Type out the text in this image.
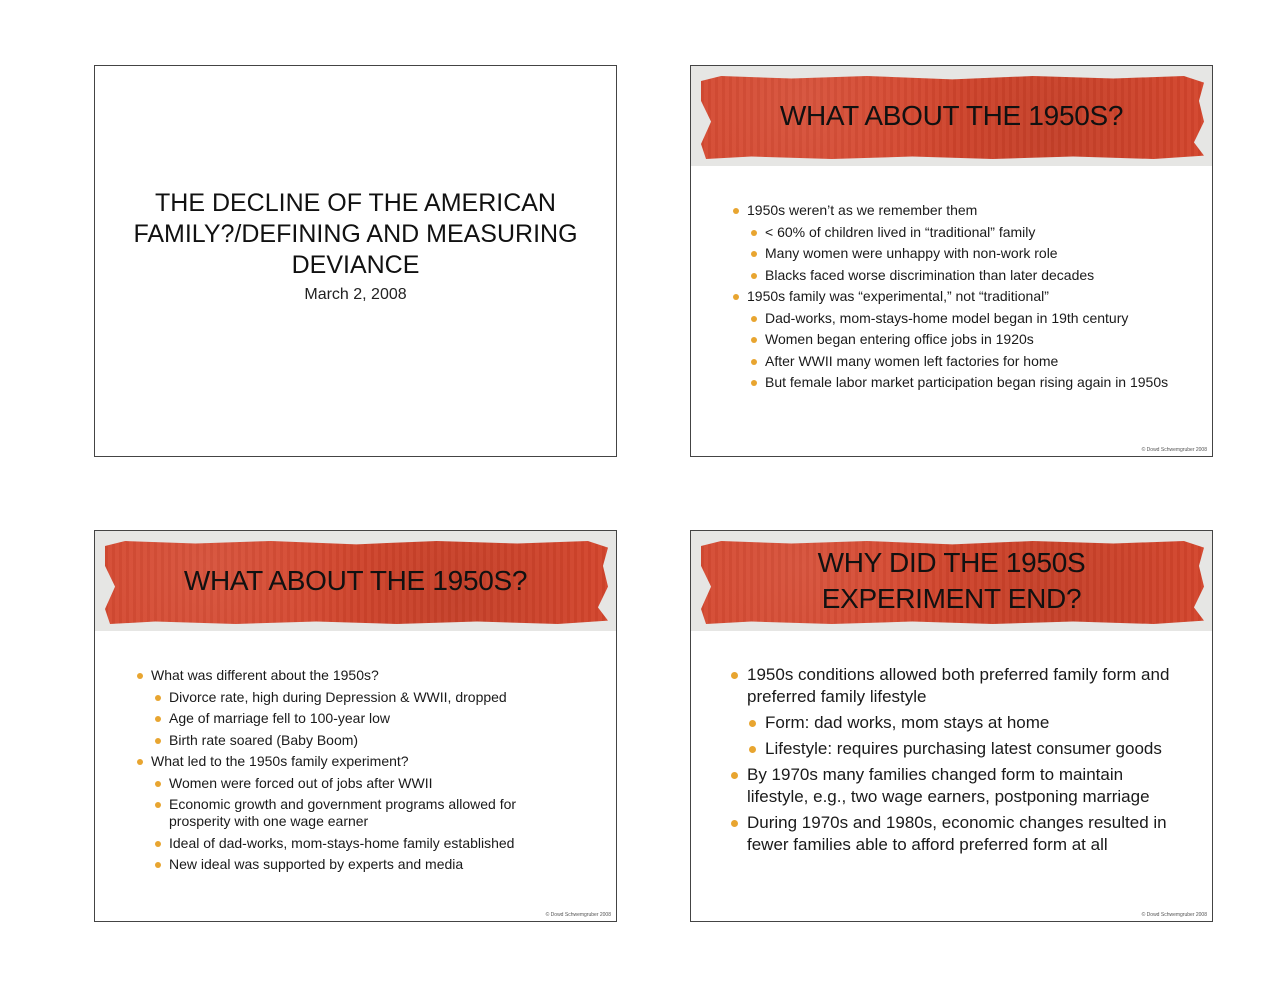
THE DECLINE OF THE AMERICAN
FAMILY?/DEFINING AND MEASURING
DEVIANCE
March 2, 2008
WHAT ABOUT THE 1950S?
1950s weren’t as we remember them
< 60% of children lived in “traditional” family
Many women were unhappy with non-work role
Blacks faced worse discrimination than later decades
1950s family was “experimental,” not “traditional”
Dad-works, mom-stays-home model began in 19th century
Women began entering office jobs in 1920s
After WWII many women left factories for home
But female labor market participation began rising again in 1950s
© Dowd Schwemgruber 2008
WHAT ABOUT THE 1950S?
What was different about the 1950s?
Divorce rate, high during Depression & WWII, dropped
Age of marriage fell to 100-year low
Birth rate soared (Baby Boom)
What led to the 1950s family experiment?
Women were forced out of jobs after WWII
Economic growth and government programs allowed for prosperity with one wage earner
Ideal of dad-works, mom-stays-home family established
New ideal was supported by experts and media
© Dowd Schwemgruber 2008
WHY DID THE 1950S
EXPERIMENT END?
1950s conditions allowed both preferred family form and preferred family lifestyle
Form: dad works, mom stays at home
Lifestyle: requires purchasing latest consumer goods
By 1970s many families changed form to maintain lifestyle, e.g., two wage earners, postponing marriage
During 1970s and 1980s, economic changes resulted in fewer families able to afford preferred form at all
© Dowd Schwemgruber 2008
